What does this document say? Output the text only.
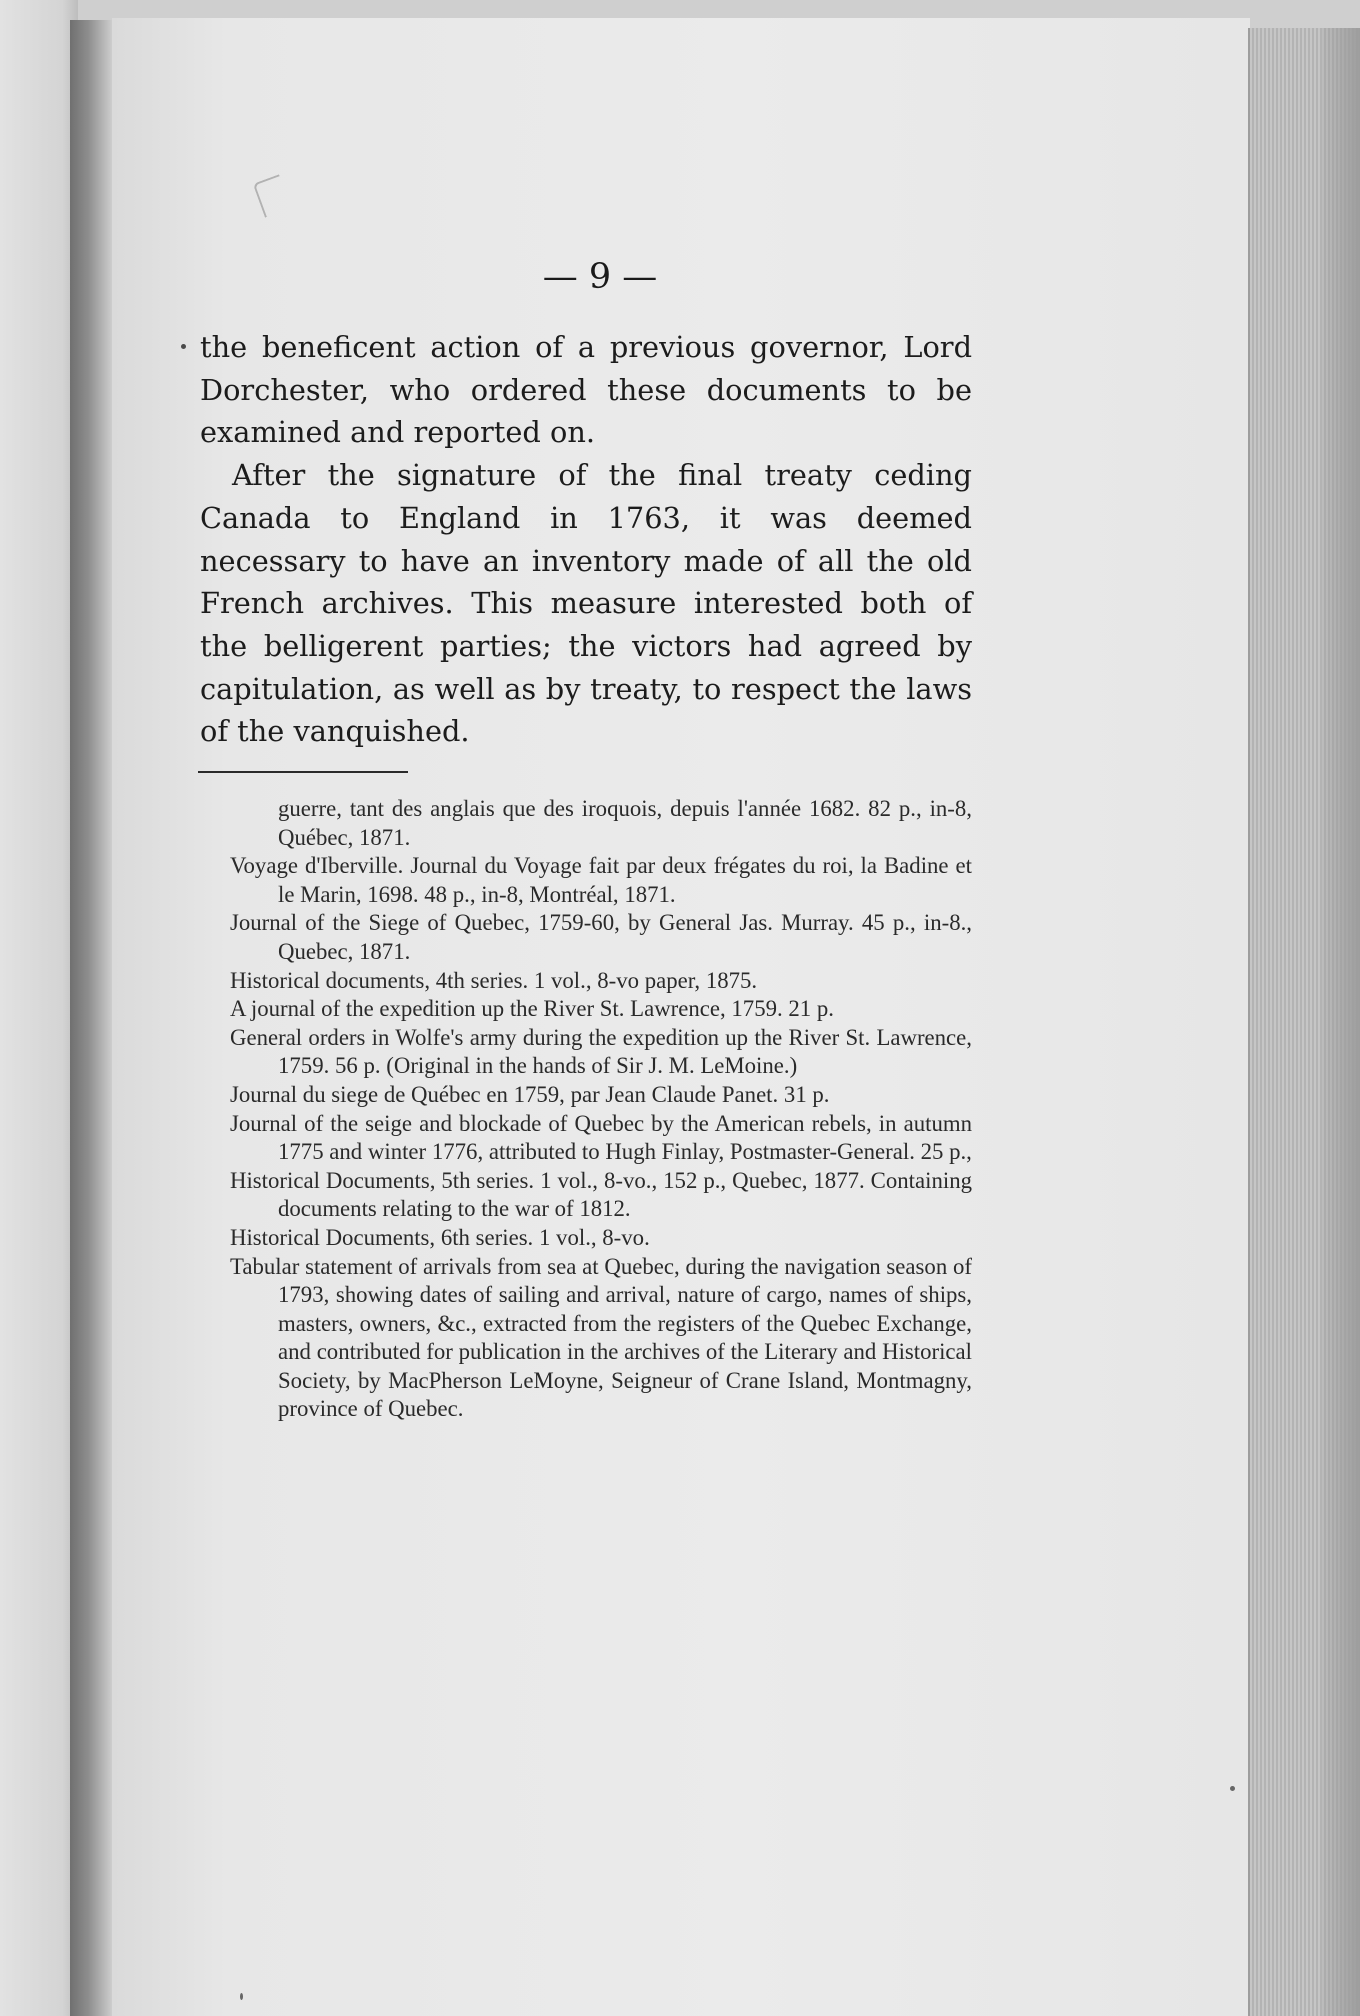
— 9 —

the beneficent action of a previous governor, Lord Dorchester, who ordered these documents to be examined and reported on.

After the signature of the final treaty ceding Canada to England in 1763, it was deemed necessary to have an inventory made of all the old French archives. This measure interested both of the belligerent parties; the victors had agreed by capitulation, as well as by treaty, to respect the laws of the vanquished.

guerre, tant des anglais que des iroquois, depuis l'année 1682. 82 p., in-8, Québec, 1871.

Voyage d'Iberville. Journal du Voyage fait par deux frégates du roi, la Badine et le Marin, 1698. 48 p., in-8, Montréal, 1871.

Journal of the Siege of Quebec, 1759-60, by General Jas. Murray. 45 p., in-8., Quebec, 1871.

Historical documents, 4th series. 1 vol., 8-vo paper, 1875.

A journal of the expedition up the River St. Lawrence, 1759. 21 p.

General orders in Wolfe's army during the expedition up the River St. Lawrence, 1759. 56 p. (Original in the hands of Sir J. M. LeMoine.)

Journal du siege de Québec en 1759, par Jean Claude Panet. 31 p.

Journal of the seige and blockade of Quebec by the American rebels, in autumn 1775 and winter 1776, attributed to Hugh Finlay, Postmaster-General. 25 p.,

Historical Documents, 5th series. 1 vol., 8-vo., 152 p., Quebec, 1877. Containing documents relating to the war of 1812.

Historical Documents, 6th series. 1 vol., 8-vo.

Tabular statement of arrivals from sea at Quebec, during the navigation season of 1793, showing dates of sailing and arrival, nature of cargo, names of ships, masters, owners, &c., extracted from the registers of the Quebec Exchange, and contributed for publication in the archives of the Literary and Historical Society, by MacPherson LeMoyne, Seigneur of Crane Island, Montmagny, province of Quebec.
